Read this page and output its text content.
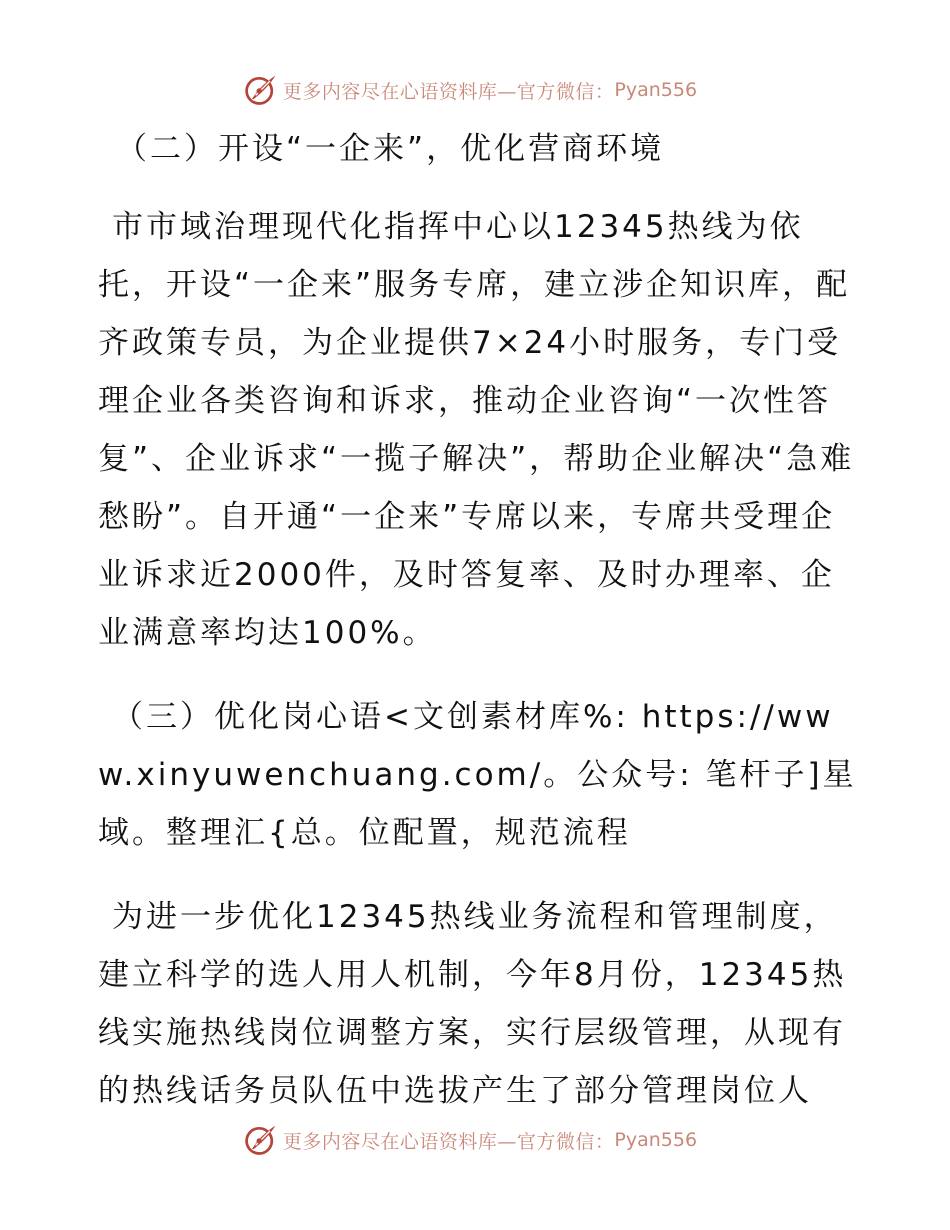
更多内容尽在心语资料库—官方微信： Pyan556

（二）开设“一企来”，优化营商环境

市市域治理现代化指挥中心以12345热线为依托，开设“一企来”服务专席，建立涉企知识库，配齐政策专员，为企业提供7×24小时服务，专门受理企业各类咨询和诉求，推动企业咨询“一次性答复”、企业诉求“一揽子解决”，帮助企业解决“急难愁盼”。自开通“一企来”专席以来，专席共受理企业诉求近2000件，及时答复率、及时办理率、企业满意率均达100%。

（三）优化岗心语<文创素材库%: https://www.xinyuwenchuang.com/。公众号: 笔杆子]星域。整理汇{总。位配置，规范流程

为进一步优化12345热线业务流程和管理制度，建立科学的选人用人机制，今年8月份，12345热线实施热线岗位调整方案，实行层级管理，从现有的热线话务员队伍中选拔产生了部分管理岗位人

更多内容尽在心语资料库—官方微信： Pyan556
